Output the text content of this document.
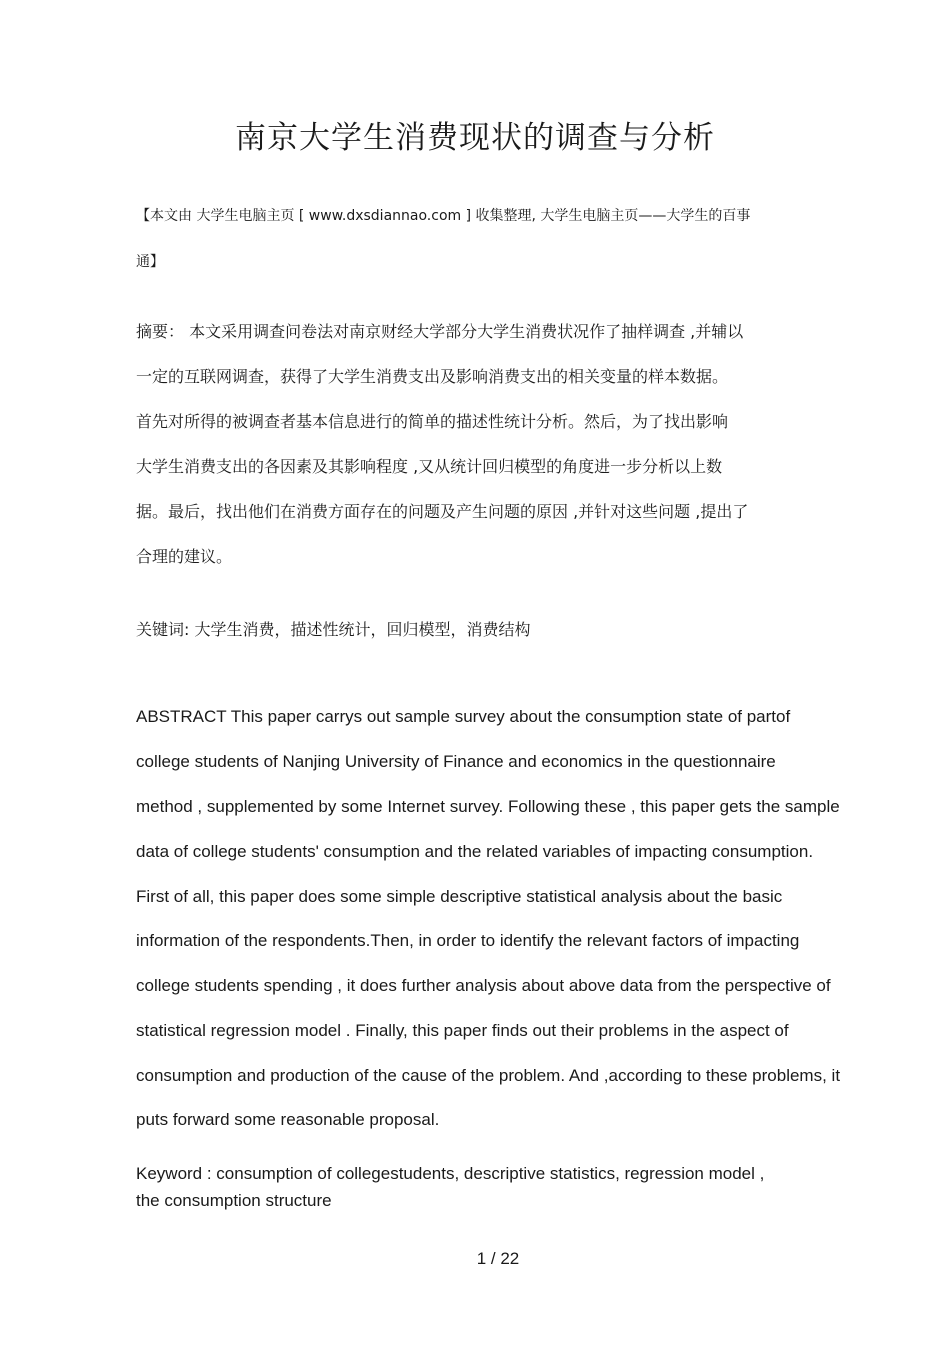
南京大学生消费现状的调查与分析
【本文由 大学生电脑主页 [ www.dxsdiannao.com ] 收集整理, 大学生电脑主页——大学生的百事
通】
摘要： 本文采用调查问卷法对南京财经大学部分大学生消费状况作了抽样调查 ,并辅以
一定的互联网调查，获得了大学生消费支出及影响消费支出的相关变量的样本数据。
首先对所得的被调查者基本信息进行的简单的描述性统计分析。然后，为了找出影响
大学生消费支出的各因素及其影响程度 ,又从统计回归模型的角度进一步分析以上数
据。最后，找出他们在消费方面存在的问题及产生问题的原因 ,并针对这些问题 ,提出了
合理的建议。
关键词: 大学生消费，描述性统计，回归模型，消费结构
ABSTRACT This paper carrys out sample survey about the consumption state of partof
college students of Nanjing University of Finance and economics in the questionnaire
method , supplemented by some Internet survey. Following these , this paper gets the sample
data of college students' consumption and the related variables of impacting consumption.
First of all, this paper does some simple descriptive statistical analysis about the basic
information of the respondents.Then, in order to identify the relevant factors of impacting
college students spending , it does further analysis about above data from the perspective of
statistical regression model . Finally, this paper finds out their problems in the aspect of
consumption and production of the cause of the problem. And ,according to these problems, it
puts forward some reasonable proposal.
Keyword : consumption of collegestudents, descriptive statistics, regression model ,
the consumption structure
1 / 22
